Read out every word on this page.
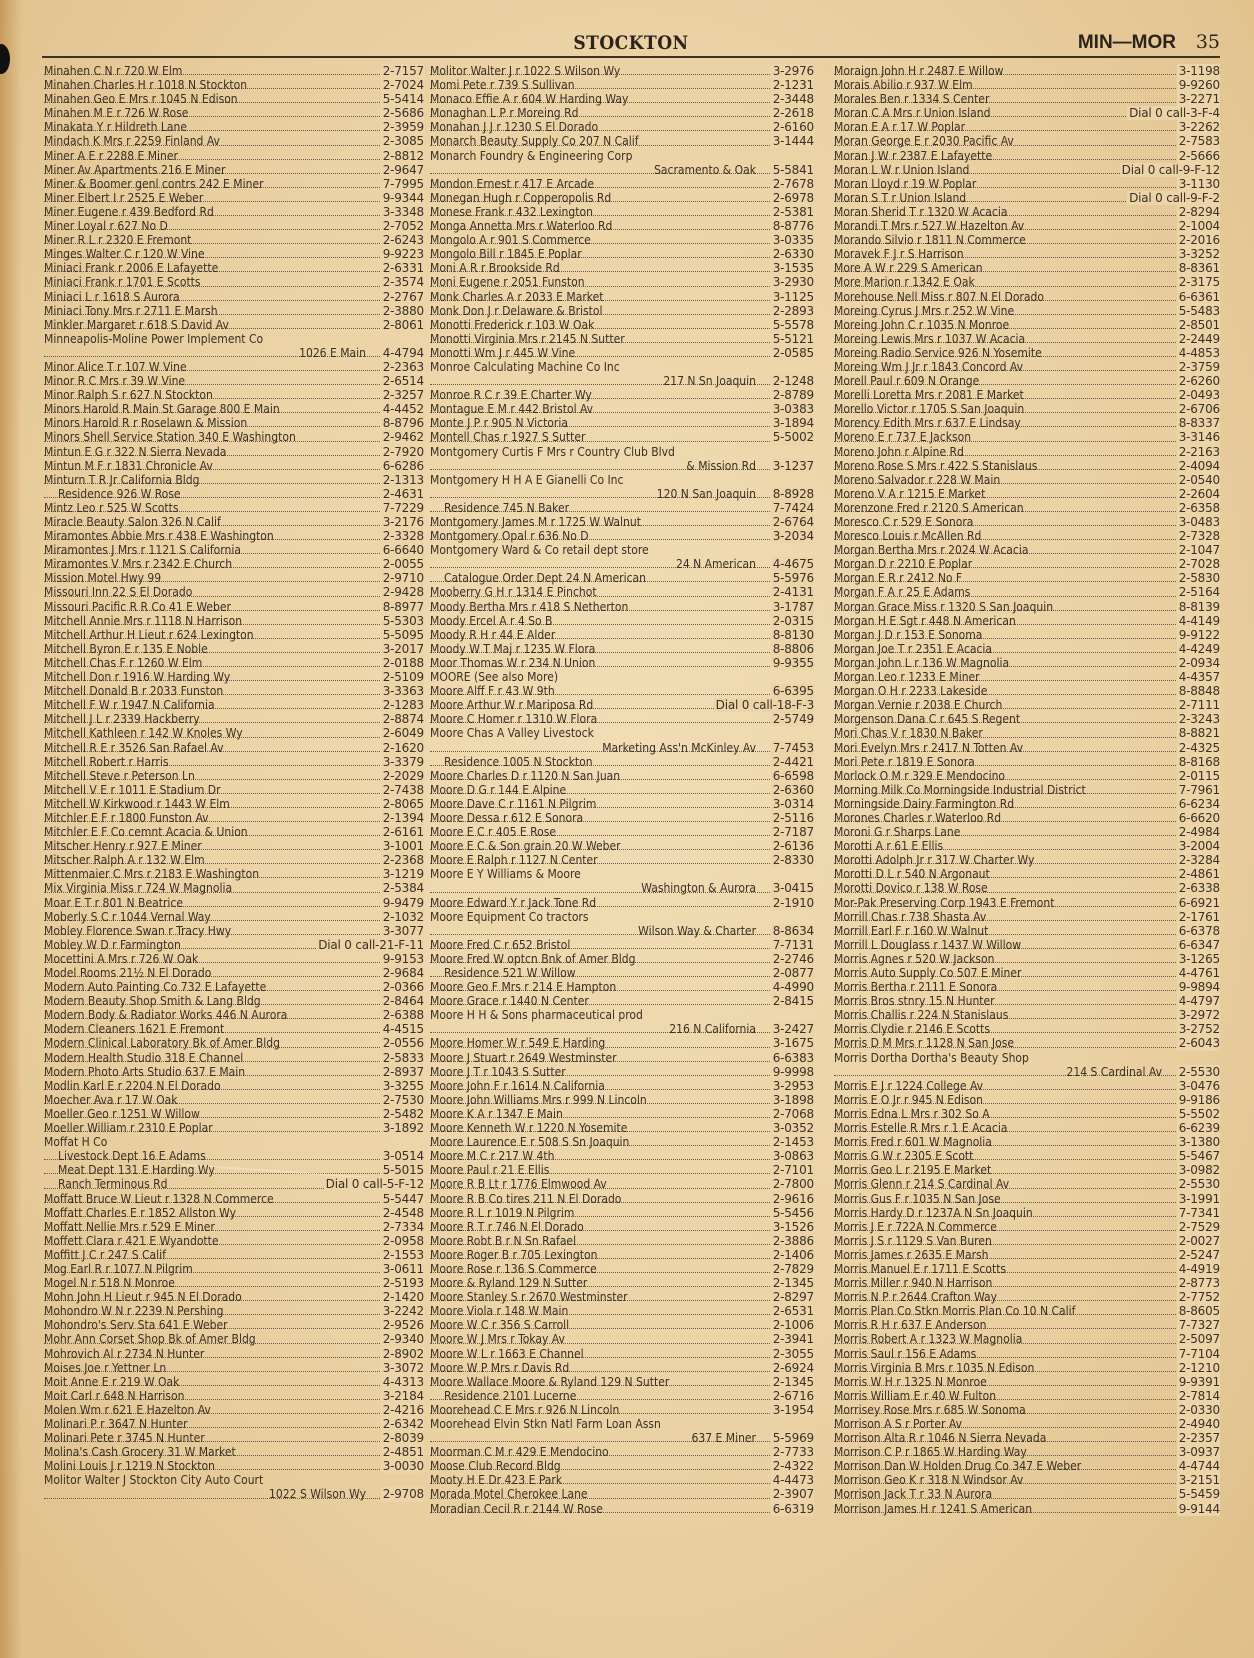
STOCKTON	MIN—MOR 35
Minahen C N r 720 W Elm	2-7157
Minahen Charles H r 1018 N Stockton	2-7024
Minahen Geo E Mrs r 1045 N Edison	5-5414
Minahen M E r 726 W Rose	2-5686
Minakata Y r Hildreth Lane	2-3959
Mindach K Mrs r 2259 Finland Av	2-3085
Miner A E r 2288 E Miner	2-8812
Miner Av Apartments 216 E Miner	2-9647
Miner & Boomer genl contrs 242 E Miner	7-7995
Miner Elbert I r 2525 E Weber	9-9344
Miner Eugene r 439 Bedford Rd	3-3348
Miner Loyal r 627 No D	2-7052
Miner R L r 2320 E Fremont	2-6243
Minges Walter C r 120 W Vine	9-9223
Miniaci Frank r 2006 E Lafayette	2-6331
Miniaci Frank r 1701 E Scotts	2-3574
Miniaci L r 1618 S Aurora	2-2767
Miniaci Tony Mrs r 2711 E Marsh	2-3880
Minkler Margaret r 618 S David Av	2-8061
Minneapolis-Moline Power Implement Co
1026 E Main 4-4794
Minor Alice T r 107 W Vine	2-2363
Minor R C Mrs r 39 W Vine	2-6514
Minor Ralph S r 627 N Stockton	2-3257
Minors Harold R Main St Garage 800 E Main	4-4452
Minors Harold R r Roselawn & Mission	8-8796
Minors Shell Service Station 340 E Washington	2-9462
Mintun E G r 322 N Sierra Nevada	2-7920
Mintun M F r 1831 Chronicle Av	6-6286
Minturn T R Jr California Bldg	2-1313
Residence 926 W Rose	2-4631
Mintz Leo r 525 W Scotts	7-7229
Miracle Beauty Salon 326 N Calif	3-2176
Miramontes Abbie Mrs r 438 E Washington	2-3328
Miramontes J Mrs r 1121 S California	6-6640
Miramontes V Mrs r 2342 E Church	2-0055
Mission Motel Hwy 99	2-9710
Missouri Inn 22 S El Dorado	2-9428
Missouri Pacific R R Co 41 E Weber	8-8977
Mitchell Annie Mrs r 1118 N Harrison	5-5303
Mitchell Arthur H Lieut r 624 Lexington	5-5095
Mitchell Byron E r 135 E Noble	3-2017
Mitchell Chas F r 1260 W Elm	2-0188
Mitchell Don r 1916 W Harding Wy	2-5109
Mitchell Donald B r 2033 Funston	3-3363
Mitchell F W r 1947 N California	2-1283
Mitchell J L r 2339 Hackberry	2-8874
Mitchell Kathleen r 142 W Knoles Wy	2-6049
Mitchell R E r 3526 San Rafael Av	2-1620
Mitchell Robert r Harris	3-3379
Mitchell Steve r Peterson Ln	2-2029
Mitchell V E r 1011 E Stadium Dr	2-7438
Mitchell W Kirkwood r 1443 W Elm	2-8065
Mitchler E F r 1800 Funston Av	2-1394
Mitchler E F Co cemnt Acacia & Union	2-6161
Mitscher Henry r 927 E Miner	3-1001
Mitscher Ralph A r 132 W Elm	2-2368
Mittenmaier C Mrs r 2183 E Washington	3-1219
Mix Virginia Miss r 724 W Magnolia	2-5384
Moar E T r 801 N Beatrice	9-9479
Moberly S C r 1044 Vernal Way	2-1032
Mobley Florence Swan r Tracy Hwy	3-3077
Mobley W D r Farmington	Dial 0 call-21-F-11
Mocettini A Mrs r 726 W Oak	9-9153
Model Rooms 21½ N El Dorado	2-9684
Modern Auto Painting Co 732 E Lafayette	2-0366
Modern Beauty Shop Smith & Lang Bldg	2-8464
Modern Body & Radiator Works 446 N Aurora	2-6388
Modern Cleaners 1621 E Fremont	4-4515
Modern Clinical Laboratory Bk of Amer Bldg	2-0556
Modern Health Studio 318 E Channel	2-5833
Modern Photo Arts Studio 637 E Main	2-8937
Modlin Karl E r 2204 N El Dorado	3-3255
Moecher Ava r 17 W Oak	2-7530
Moeller Geo r 1251 W Willow	2-5482
Moeller William r 2310 E Poplar	3-1892
Moffat H Co
Livestock Dept 16 E Adams	3-0514
Meat Dept 131 E Harding Wy	5-5015
Ranch Terminous Rd	Dial 0 call-5-F-12
Moffatt Bruce W Lieut r 1328 N Commerce	5-5447
Moffatt Charles E r 1852 Allston Wy	2-4548
Moffatt Nellie Mrs r 529 E Miner	2-7334
Moffett Clara r 421 E Wyandotte	2-0958
Moffitt J C r 247 S Calif	2-1553
Mog Earl R r 1077 N Pilgrim	3-0611
Mogel N r 518 N Monroe	2-5193
Mohn John H Lieut r 945 N El Dorado	2-1420
Mohondro W N r 2239 N Pershing	3-2242
Mohondro's Serv Sta 641 E Weber	2-9526
Mohr Ann Corset Shop Bk of Amer Bldg	2-9340
Mohrovich Al r 2734 N Hunter	2-8902
Moises Joe r Yettner Ln	3-3072
Moit Anne E r 219 W Oak	4-4313
Moit Carl r 648 N Harrison	3-2184
Molen Wm r 621 E Hazelton Av	2-4216
Molinari P r 3647 N Hunter	2-6342
Molinari Pete r 3745 N Hunter	2-8039
Molina's Cash Grocery 31 W Market	2-4851
Molini Louis J r 1219 N Stockton	3-0030
Molitor Walter J Stockton City Auto Court
1022 S Wilson Wy 2-9708
Molitor Walter J r 1022 S Wilson Wy	3-2976
Momi Pete r 739 S Sullivan	2-1231
Monaco Effie A r 604 W Harding Way	2-3448
Monaghan L P r Moreing Rd	2-2618
Monahan J J r 1230 S El Dorado	2-6160
Monarch Beauty Supply Co 207 N Calif	3-1444
Monarch Foundry & Engineering Corp
Sacramento & Oak 5-5841
Mondon Ernest r 417 E Arcade	2-7678
Monegan Hugh r Copperopolis Rd	2-6978
Monese Frank r 432 Lexington	2-5381
Monga Annetta Mrs r Waterloo Rd	8-8776
Mongolo A r 901 S Commerce	3-0335
Mongolo Bill r 1845 E Poplar	2-6330
Moni A R r Brookside Rd	3-1535
Moni Eugene r 2051 Funston	3-2930
Monk Charles A r 2033 E Market	3-1125
Monk Don J r Delaware & Bristol	2-2893
Monotti Frederick r 103 W Oak	5-5578
Monotti Virginia Mrs r 2145 N Sutter	5-5121
Monotti Wm J r 445 W Vine	2-0585
Monroe Calculating Machine Co Inc
217 N Sn Joaquin 2-1248
Monroe R C r 39 E Charter Wy	2-8789
Montague E M r 442 Bristol Av	3-0383
Monte J P r 905 N Victoria	3-1894
Montell Chas r 1927 S Sutter	5-5002
Montgomery Curtis F Mrs r Country Club Blvd
& Mission Rd 3-1237
Montgomery H H A E Gianelli Co Inc
120 N San Joaquin 8-8928
Residence 745 N Baker	7-7424
Montgomery James M r 1725 W Walnut	2-6764
Montgomery Opal r 636 No D	3-2034
Montgomery Ward & Co retail dept store
24 N American 4-4675
Catalogue Order Dept 24 N American	5-5976
Mooberry G H r 1314 E Pinchot	2-4131
Moody Bertha Mrs r 418 S Netherton	3-1787
Moody Ercel A r 4 So B	2-0315
Moody R H r 44 E Alder	8-8130
Moody W T Maj r 1235 W Flora	8-8806
Moor Thomas W r 234 N Union	9-9355
MOORE (See also More)
Moore Alff F r 43 W 9th	6-6395
Moore Arthur W r Mariposa Rd	Dial 0 call-18-F-3
Moore C Homer r 1310 W Flora	2-5749
Moore Chas A Valley Livestock
Marketing Ass'n McKinley Av 7-7453
Residence 1005 N Stockton	2-4421
Moore Charles D r 1120 N San Juan	6-6598
Moore D G r 144 E Alpine	2-6360
Moore Dave C r 1161 N Pilgrim	3-0314
Moore Dessa r 612 E Sonora	2-5116
Moore E C r 405 E Rose	2-7187
Moore E C & Son grain 20 W Weber	2-6136
Moore E Ralph r 1127 N Center	2-8330
Moore E Y Williams & Moore
Washington & Aurora 3-0415
Moore Edward Y r Jack Tone Rd	2-1910
Moore Equipment Co tractors
Wilson Way & Charter 8-8634
Moore Fred C r 652 Bristol	7-7131
Moore Fred W optcn Bnk of Amer Bldg	2-2746
Residence 521 W Willow	2-0877
Moore Geo F Mrs r 214 E Hampton	4-4990
Moore Grace r 1440 N Center	2-8415
Moore H H & Sons pharmaceutical prod
216 N California 3-2427
Moore Homer W r 549 E Harding	3-1675
Moore J Stuart r 2649 Westminster	6-6383
Moore J T r 1043 S Sutter	9-9998
Moore John F r 1614 N California	3-2953
Moore John Williams Mrs r 999 N Lincoln	3-1898
Moore K A r 1347 E Main	2-7068
Moore Kenneth W r 1220 N Yosemite	3-0352
Moore Laurence E r 508 S Sn Joaquin	2-1453
Moore M C r 217 W 4th	3-0863
Moore Paul r 21 E Ellis	2-7101
Moore R B Lt r 1776 Elmwood Av	2-7800
Moore R B Co tires 211 N El Dorado	2-9616
Moore R L r 1019 N Pilgrim	5-5456
Moore R T r 746 N El Dorado	3-1526
Moore Robt B r N Sn Rafael	2-3886
Moore Roger B r 705 Lexington	2-1406
Moore Rose r 136 S Commerce	2-7829
Moore & Ryland 129 N Sutter	2-1345
Moore Stanley S r 2670 Westminster	2-8297
Moore Viola r 148 W Main	2-6531
Moore W C r 356 S Carroll	2-1006
Moore W J Mrs r Tokay Av	2-3941
Moore W L r 1663 E Channel	2-3055
Moore W P Mrs r Davis Rd	2-6924
Moore Wallace Moore & Ryland 129 N Sutter	2-1345
Residence 2101 Lucerne	2-6716
Moorehead C E Mrs r 926 N Lincoln	3-1954
Moorehead Elvin Stkn Natl Farm Loan Assn
637 E Miner 5-5969
Moorman C M r 429 E Mendocino	2-7733
Moose Club Record Bldg	2-4322
Mooty H E Dr 423 E Park	4-4473
Morada Motel Cherokee Lane	2-3907
Moradian Cecil R r 2144 W Rose	6-6319
Moraign John H r 2487 E Willow	3-1198
Morais Abilio r 937 W Elm	9-9260
Morales Ben r 1334 S Center	3-2271
Moran C A Mrs r Union Island	Dial 0 call-3-F-4
Moran E A r 17 W Poplar	3-2262
Moran George E r 2030 Pacific Av	2-7583
Moran J W r 2387 E Lafayette	2-5666
Moran L W r Union Island	Dial 0 call-9-F-12
Moran Lloyd r 19 W Poplar	3-1130
Moran S T r Union Island	Dial 0 call-9-F-2
Moran Sherid T r 1320 W Acacia	2-8294
Morandi T Mrs r 527 W Hazelton Av	2-1004
Morando Silvio r 1811 N Commerce	2-2016
Moravek F J r S Harrison	3-3252
More A W r 229 S American	8-8361
More Marion r 1342 E Oak	2-3175
Morehouse Nell Miss r 807 N El Dorado	6-6361
Moreing Cyrus J Mrs r 252 W Vine	5-5483
Moreing John C r 1035 N Monroe	2-8501
Moreing Lewis Mrs r 1037 W Acacia	2-2449
Moreing Radio Service 926 N Yosemite	4-4853
Moreing Wm J Jr r 1843 Concord Av	2-3759
Morell Paul r 609 N Orange	2-6260
Morelli Loretta Mrs r 2081 E Market	2-0493
Morello Victor r 1705 S San Joaquin	2-6706
Morency Edith Mrs r 637 E Lindsay	8-8337
Moreno E r 737 E Jackson	3-3146
Moreno John r Alpine Rd	2-2163
Moreno Rose S Mrs r 422 S Stanislaus	2-4094
Moreno Salvador r 228 W Main	2-0540
Moreno V A r 1215 E Market	2-2604
Morenzone Fred r 2120 S American	2-6358
Moresco C r 529 E Sonora	3-0483
Moresco Louis r McAllen Rd	2-7328
Morgan Bertha Mrs r 2024 W Acacia	2-1047
Morgan D r 2210 E Poplar	2-7028
Morgan E R r 2412 No F	2-5830
Morgan F A r 25 E Adams	2-5164
Morgan Grace Miss r 1320 S San Joaquin	8-8139
Morgan H E Sgt r 448 N American	4-4149
Morgan J D r 153 E Sonoma	9-9122
Morgan Joe T r 2351 E Acacia	4-4249
Morgan John L r 136 W Magnolia	2-0934
Morgan Leo r 1233 E Miner	4-4357
Morgan O H r 2233 Lakeside	8-8848
Morgan Vernie r 2038 E Church	2-7111
Morgenson Dana C r 645 S Regent	2-3243
Mori Chas V r 1830 N Baker	8-8821
Mori Evelyn Mrs r 2417 N Totten Av	2-4325
Mori Pete r 1819 E Sonora	8-8168
Morlock O M r 329 E Mendocino	2-0115
Morning Milk Co Morningside Industrial District	7-7961
Morningside Dairy Farmington Rd	6-6234
Morones Charles r Waterloo Rd	6-6620
Moroni G r Sharps Lane	2-4984
Morotti A r 61 E Ellis	3-2004
Morotti Adolph Jr r 317 W Charter Wy	2-3284
Morotti D L r 540 N Argonaut	2-4861
Morotti Dovico r 138 W Rose	2-6338
Mor-Pak Preserving Corp 1943 E Fremont	6-6921
Morrill Chas r 738 Shasta Av	2-1761
Morrill Earl F r 160 W Walnut	6-6378
Morrill L Douglass r 1437 W Willow	6-6347
Morris Agnes r 520 W Jackson	3-1265
Morris Auto Supply Co 507 E Miner	4-4761
Morris Bertha r 2111 E Sonora	9-9894
Morris Bros stnry 15 N Hunter	4-4797
Morris Challis r 224 N Stanislaus	3-2972
Morris Clydie r 2146 E Scotts	3-2752
Morris D M Mrs r 1128 N San Jose	2-6043
Morris Dortha Dortha's Beauty Shop
214 S Cardinal Av 2-5530
Morris E J r 1224 College Av	3-0476
Morris E O Jr r 945 N Edison	9-9186
Morris Edna L Mrs r 302 So A	5-5502
Morris Estelle R Mrs r 1 E Acacia	6-6239
Morris Fred r 601 W Magnolia	3-1380
Morris G W r 2305 E Scott	5-5467
Morris Geo L r 2195 E Market	3-0982
Morris Glenn r 214 S Cardinal Av	2-5530
Morris Gus F r 1035 N San Jose	3-1991
Morris Hardy D r 1237A N Sn Joaquin	7-7341
Morris J E r 722A N Commerce	2-7529
Morris J S r 1129 S Van Buren	2-0027
Morris James r 2635 E Marsh	2-5247
Morris Manuel E r 1711 E Scotts	4-4919
Morris Miller r 940 N Harrison	2-8773
Morris N P r 2644 Crafton Way	2-7752
Morris Plan Co Stkn Morris Plan Co 10 N Calif	8-8605
Morris R H r 637 E Anderson	7-7327
Morris Robert A r 1323 W Magnolia	2-5097
Morris Saul r 156 E Adams	7-7104
Morris Virginia B Mrs r 1035 N Edison	2-1210
Morris W H r 1325 N Monroe	9-9391
Morris William E r 40 W Fulton	2-7814
Morrisey Rose Mrs r 685 W Sonoma	2-0330
Morrison A S r Porter Av	2-4940
Morrison Alta R r 1046 N Sierra Nevada	2-2357
Morrison C P r 1865 W Harding Way	3-0937
Morrison Dan W Holden Drug Co 347 E Weber	4-4744
Morrison Geo K r 318 N Windsor Av	3-2151
Morrison Jack T r 33 N Aurora	5-5459
Morrison James H r 1241 S American	9-9144
